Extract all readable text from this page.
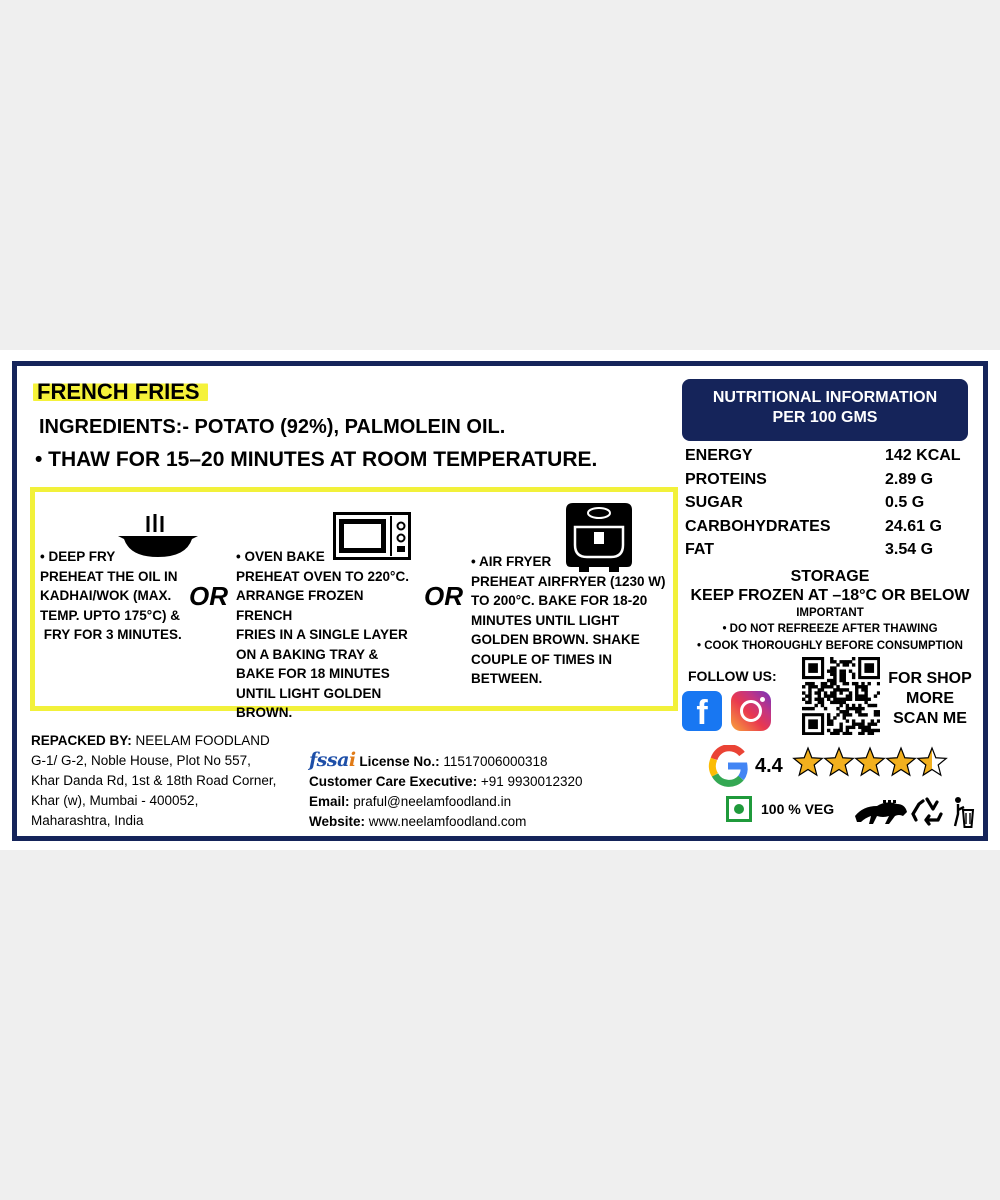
FRENCH FRIES
INGREDIENTS:- POTATO (92%), PALMOLEIN OIL.
• THAW FOR 15–20 MINUTES AT ROOM TEMPERATURE.
• DEEP FRY
PREHEAT THE OIL IN
KADHAI/WOK (MAX.
TEMP. UPTO 175°C) &
FRY FOR 3 MINUTES.
OR
• OVEN BAKE
PREHEAT OVEN TO 220°C.
ARRANGE FROZEN FRENCH
FRIES IN A SINGLE LAYER
ON A BAKING TRAY &
BAKE FOR 18 MINUTES
UNTIL LIGHT GOLDEN
BROWN.
OR
• AIR FRYER
PREHEAT AIRFRYER (1230 W)
TO 200°C. BAKE FOR 18-20
MINUTES UNTIL LIGHT
GOLDEN BROWN. SHAKE
COUPLE OF TIMES IN
BETWEEN.
REPACKED BY: NEELAM FOODLAND
G-1/ G-2, Noble House, Plot No 557,
Khar Danda Rd, 1st & 18th Road Corner,
Khar (w), Mumbai - 400052,
Maharashtra, India
fssai License No.: 11517006000318
Customer Care Executive: +91 9930012320
Email: praful@neelamfoodland.in
Website: www.neelamfoodland.com
NUTRITIONAL INFORMATION
PER 100 GMS
ENERGY	142 KCAL
PROTEINS	2.89 G
SUGAR	0.5 G
CARBOHYDRATES	24.61 G
FAT	3.54 G
STORAGE
KEEP FROZEN AT –18°C OR BELOW
IMPORTANT
• DO NOT REFREEZE AFTER THAWING
• COOK THOROUGHLY BEFORE CONSUMPTION
FOLLOW US:
f
FOR SHOP
MORE
SCAN ME
4.4
100 % VEG
